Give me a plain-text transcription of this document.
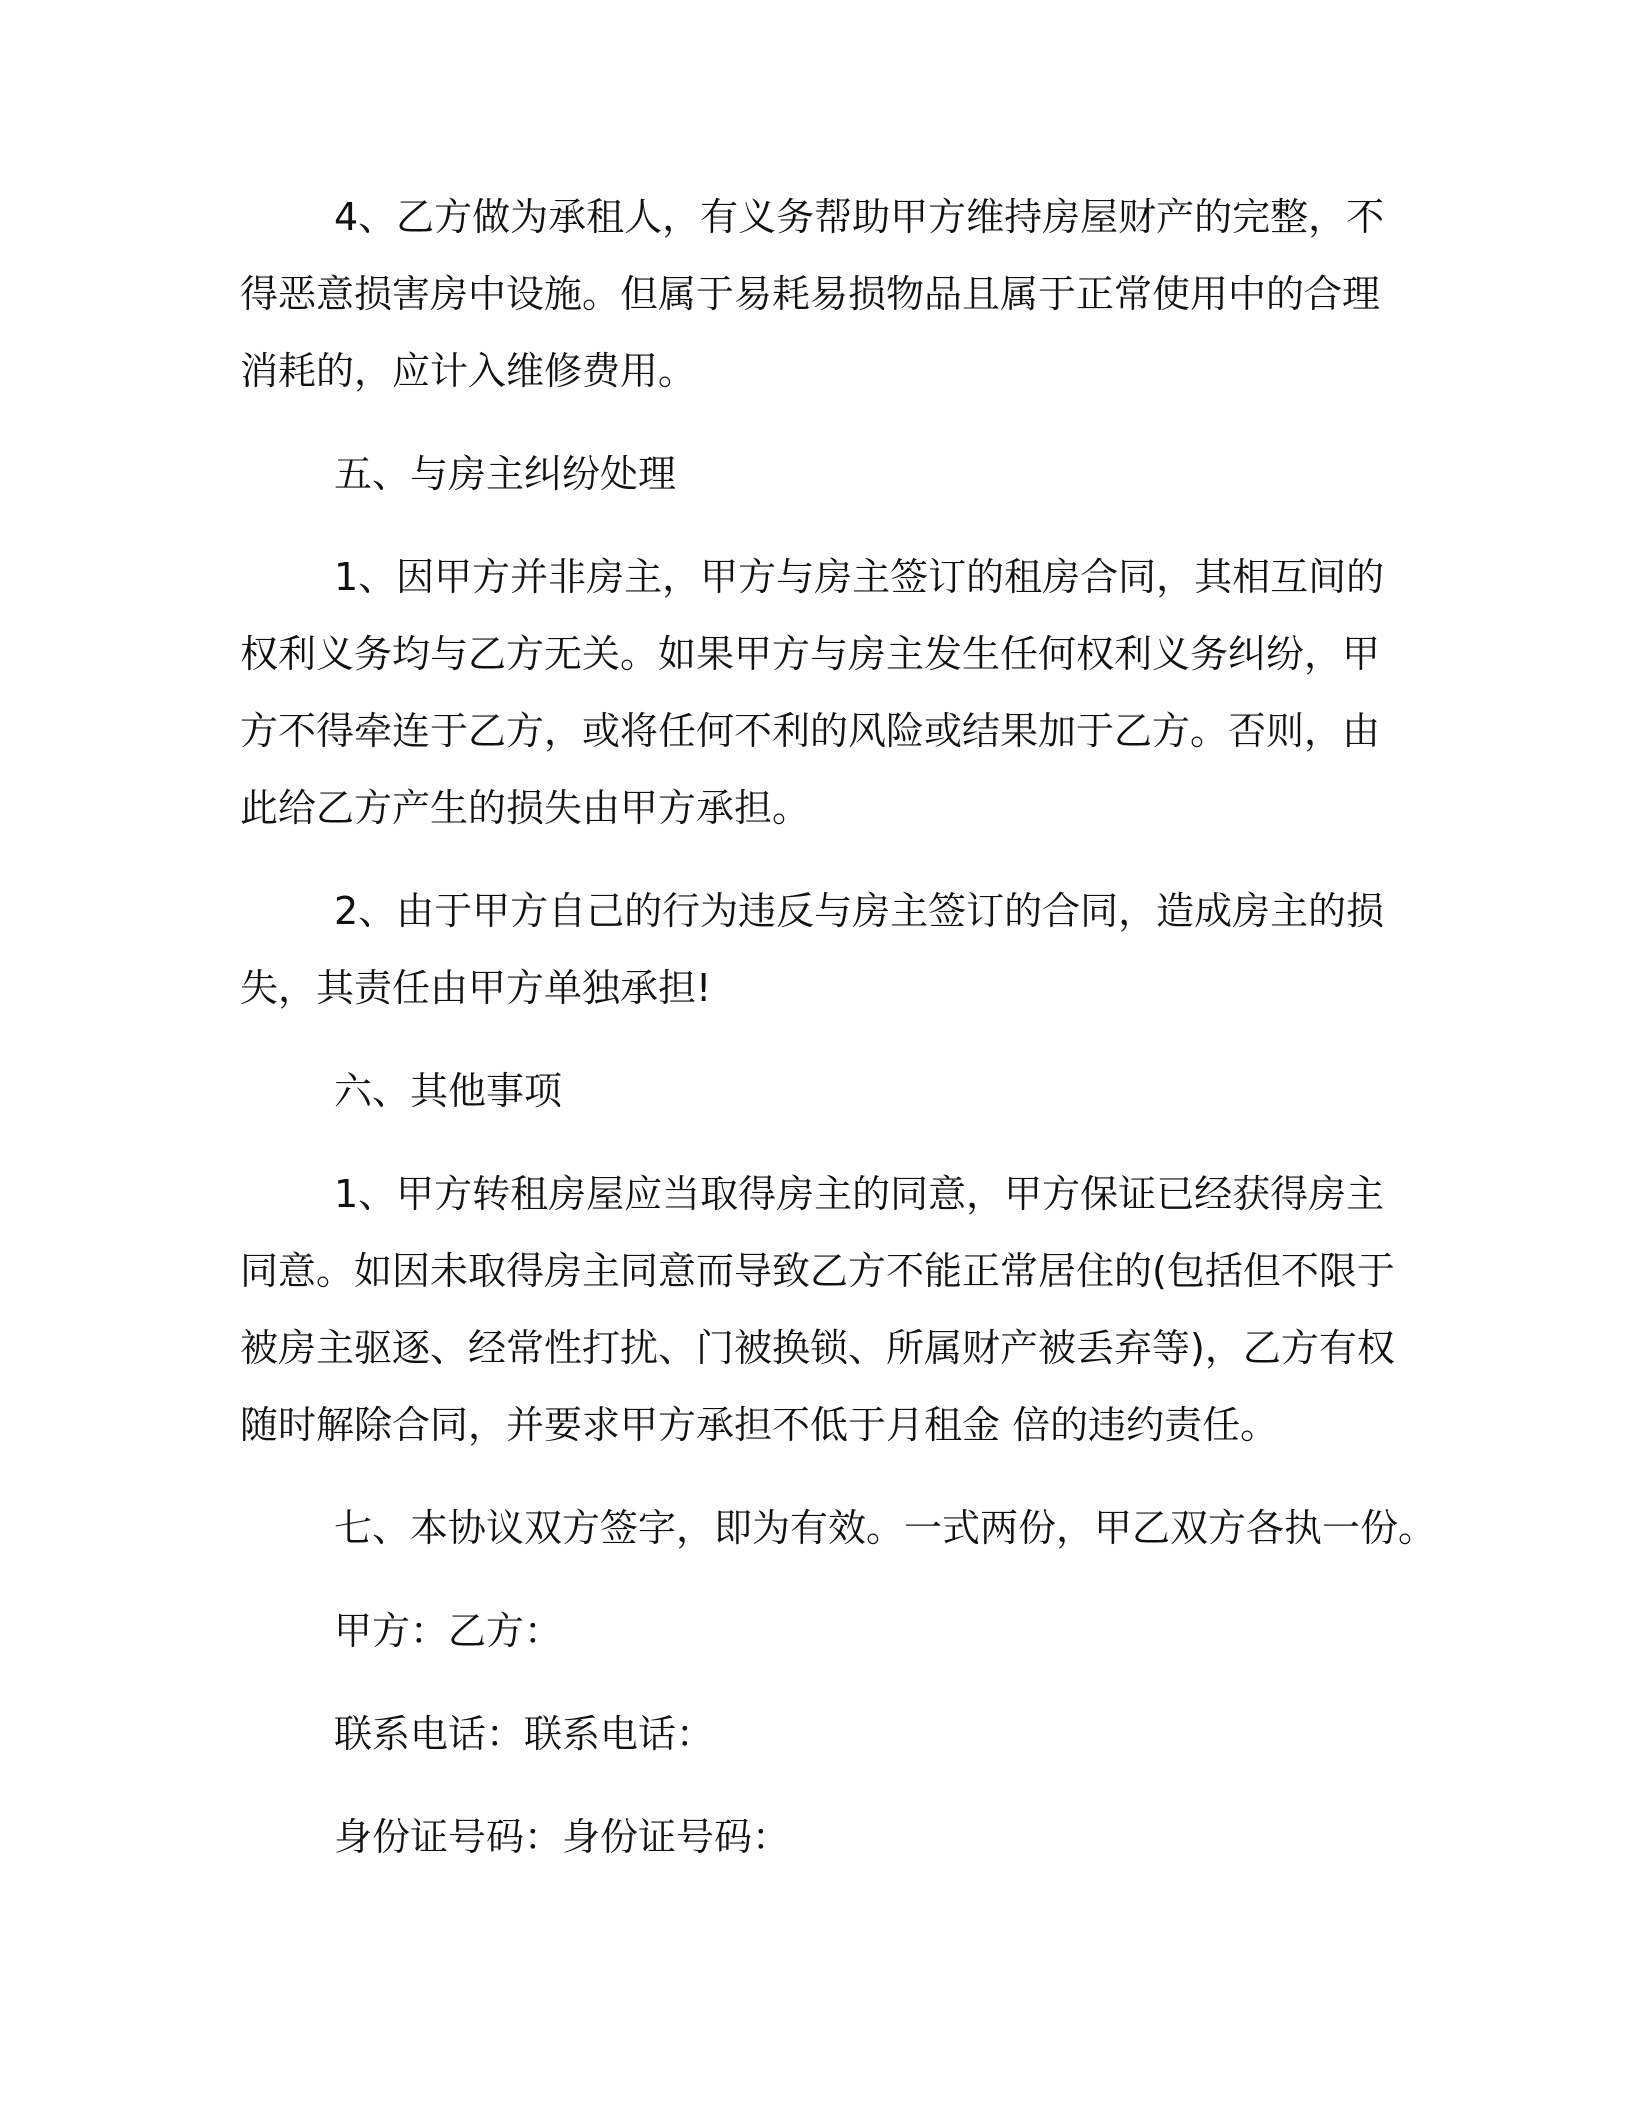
4、乙方做为承租人，有义务帮助甲方维持房屋财产的完整，不
得恶意损害房中设施。但属于易耗易损物品且属于正常使用中的合理
消耗的，应计入维修费用。
五、与房主纠纷处理
1、因甲方并非房主，甲方与房主签订的租房合同，其相互间的
权利义务均与乙方无关。如果甲方与房主发生任何权利义务纠纷，甲
方不得牵连于乙方，或将任何不利的风险或结果加于乙方。否则，由
此给乙方产生的损失由甲方承担。
2、由于甲方自己的行为违反与房主签订的合同，造成房主的损
失，其责任由甲方单独承担!
六、其他事项
1、甲方转租房屋应当取得房主的同意，甲方保证已经获得房主
同意。如因未取得房主同意而导致乙方不能正常居住的(包括但不限于
被房主驱逐、经常性打扰、门被换锁、所属财产被丢弃等)，乙方有权
随时解除合同，并要求甲方承担不低于月租金 倍的违约责任。
七、本协议双方签字，即为有效。一式两份，甲乙双方各执一份。
甲方：乙方：
联系电话：联系电话：
身份证号码：身份证号码：
